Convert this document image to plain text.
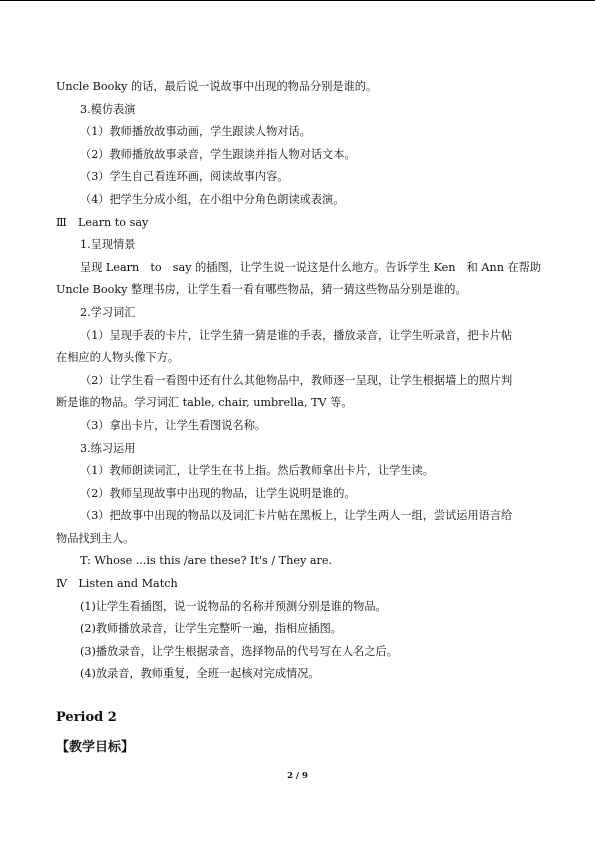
Uncle Booky 的话，最后说一说故事中出现的物品分别是谁的。

3.模仿表演

（1）教师播放故事动画，学生跟读人物对话。

（2）教师播放故事录音，学生跟读并指人物对话文本。

（3）学生自己看连环画，阅读故事内容。

（4）把学生分成小组，在小组中分角色朗读或表演。

Ⅲ　Learn to say

1.呈现情景

呈现 Learn　to　say 的插图，让学生说一说这是什么地方。告诉学生 Ken　和 Ann 在帮助

Uncle Booky 整理书房，让学生看一看有哪些物品，猜一猜这些物品分别是谁的。

2.学习词汇

（1）呈现手表的卡片，让学生猜一猜是谁的手表，播放录音，让学生听录音，把卡片帖

在相应的人物头像下方。

（2）让学生看一看图中还有什么其他物品中，教师逐一呈现，让学生根据墙上的照片判

断是谁的物品。学习词汇 table, chair, umbrella, TV 等。

（3）拿出卡片，让学生看图说名称。

3.练习运用

（1）教师朗读词汇，让学生在书上指。然后教师拿出卡片，让学生读。

（2）教师呈现故事中出现的物品，让学生说明是谁的。

（3）把故事中出现的物品以及词汇卡片帖在黑板上，让学生两人一组，尝试运用语言给

物品找到主人。

T: Whose ...is this /are these? It's / They are.

Ⅳ　Listen and Match

(1)让学生看插图，说一说物品的名称并预测分别是谁的物品。

(2)教师播放录音，让学生完整听一遍，指相应插图。

(3)播放录音，让学生根据录音，选择物品的代号写在人名之后。

(4)放录音，教师重复，全班一起核对完成情况。

Period 2
【教学目标】
2 / 9
